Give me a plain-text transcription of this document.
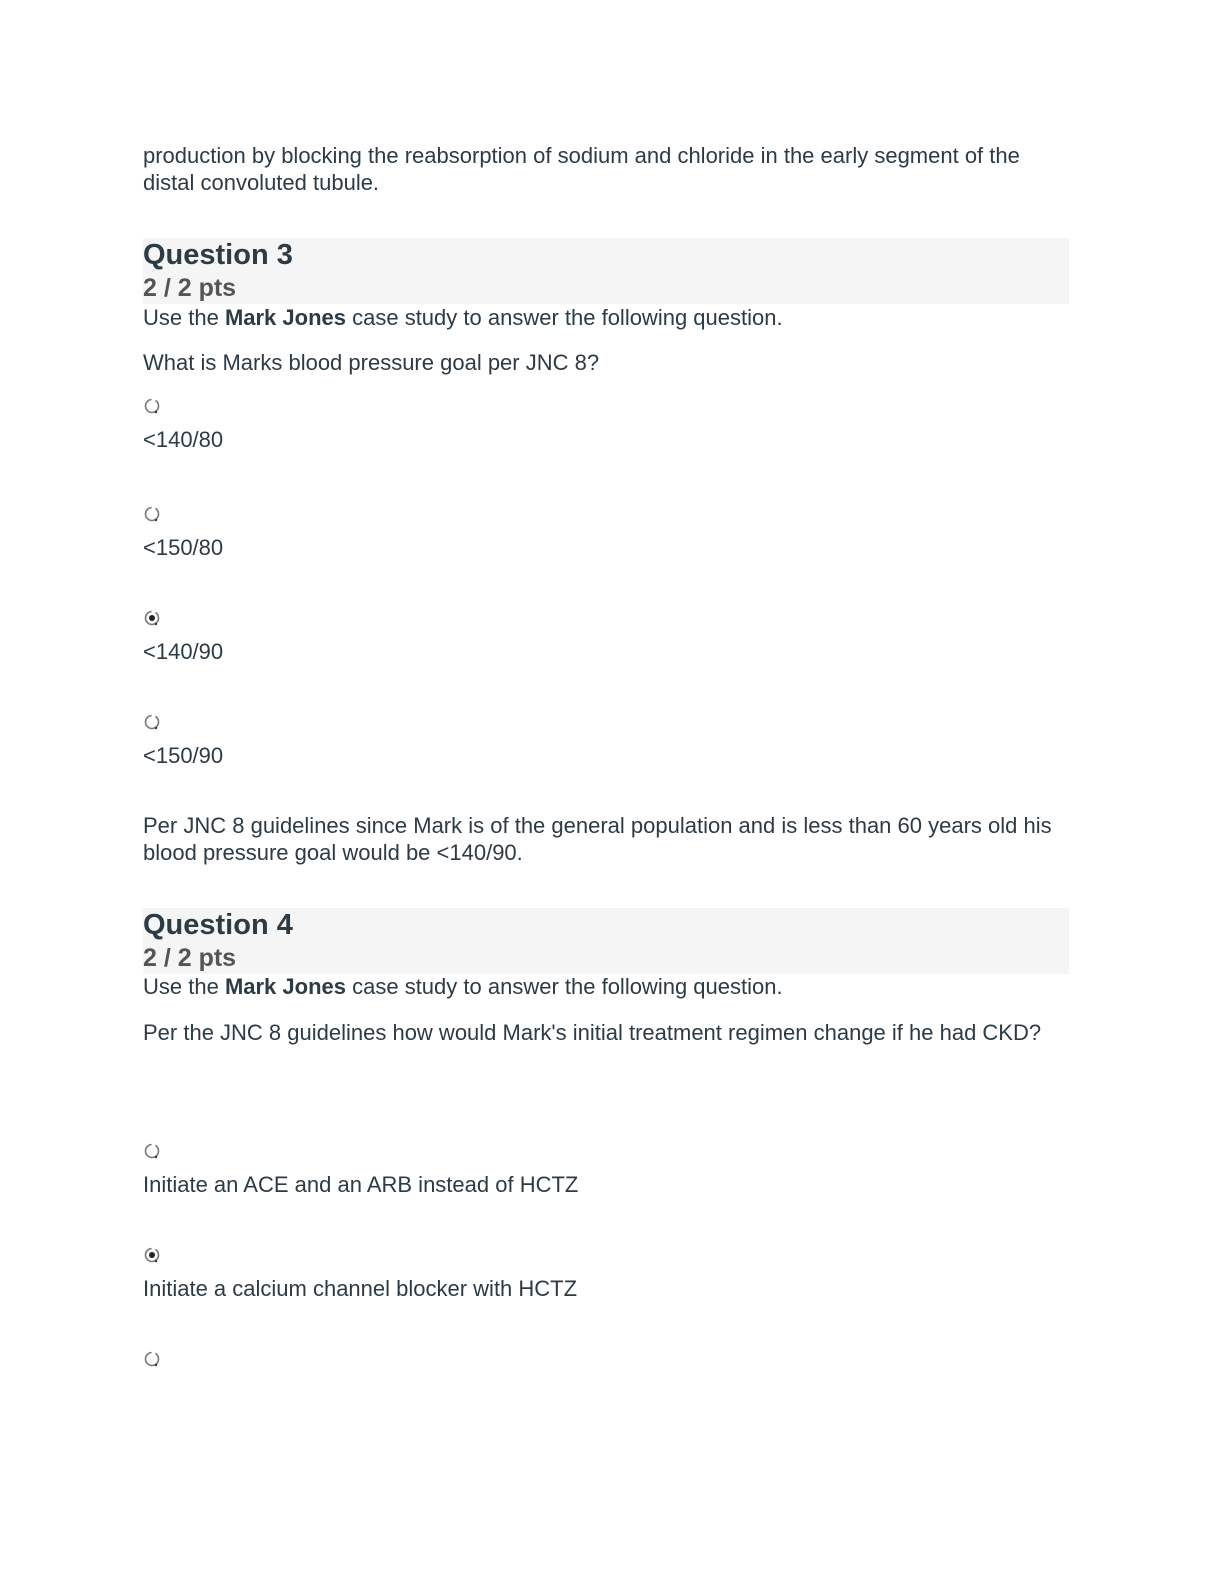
production by blocking the reabsorption of sodium and chloride in the early segment of the distal convoluted tubule.

Question 3
2 / 2 pts

Use the Mark Jones case study to answer the following question.

What is Marks blood pressure goal per JNC 8?

<140/80
<150/80
<140/90
<150/90

Per JNC 8 guidelines since Mark is of the general population and is less than 60 years old his blood pressure goal would be <140/90.

Question 4
2 / 2 pts

Use the Mark Jones case study to answer the following question.

Per the JNC 8 guidelines how would Mark's initial treatment regimen change if he had CKD?

Initiate an ACE and an ARB instead of HCTZ
Initiate a calcium channel blocker with HCTZ
